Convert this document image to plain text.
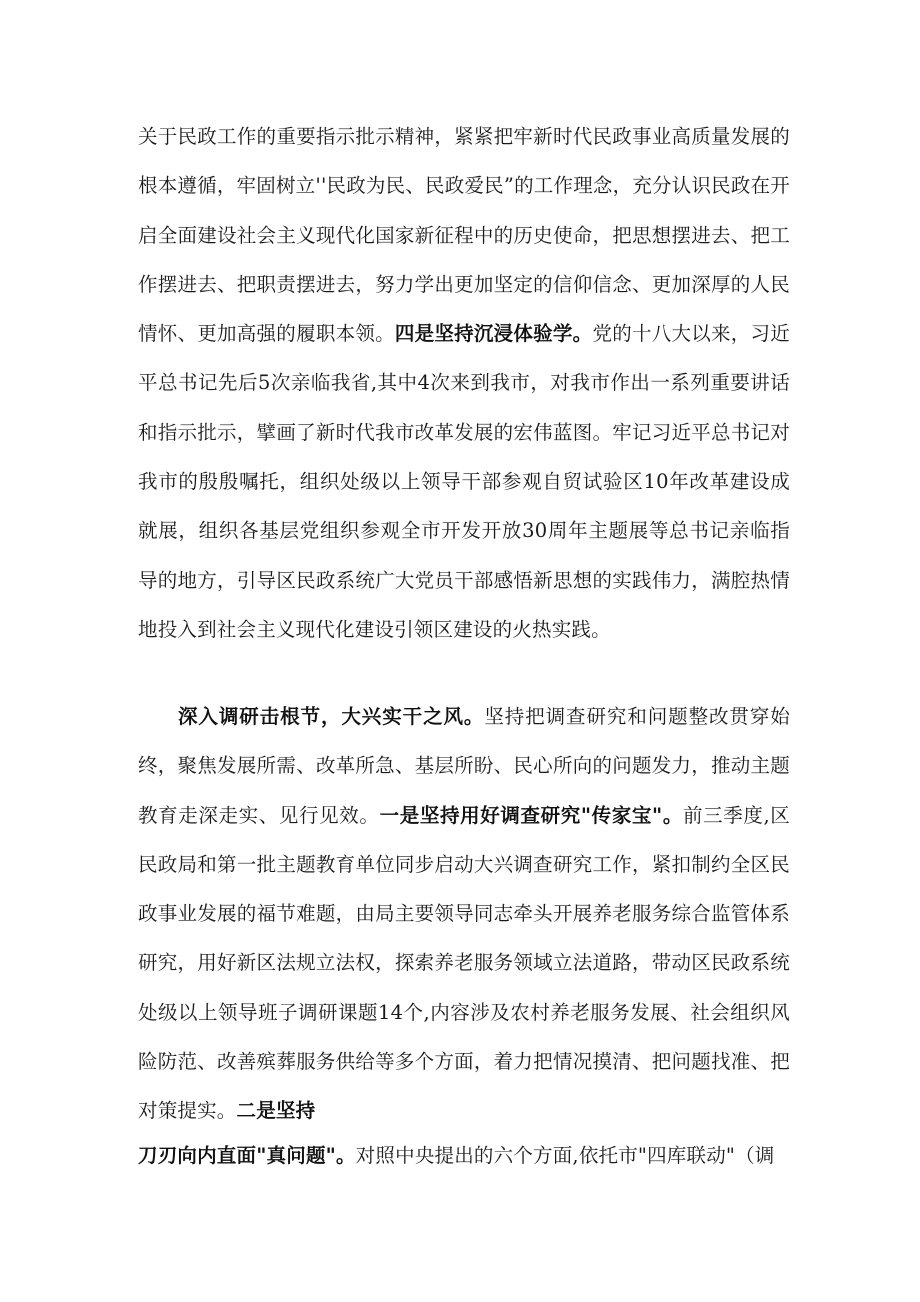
关于民政工作的重要指示批示精神，紧紧把牢新时代民政事业高质量发展的根本遵循，牢固树立''民政为民、民政爱民”的工作理念，充分认识民政在开启全面建设社会主义现代化国家新征程中的历史使命，把思想摆进去、把工作摆进去、把职责摆进去，努力学出更加坚定的信仰信念、更加深厚的人民情怀、更加高强的履职本领。四是坚持沉浸体验学。党的十八大以来，习近平总书记先后5次亲临我省,其中4次来到我市，对我市作出一系列重要讲话和指示批示，擘画了新时代我市改革发展的宏伟蓝图。牢记习近平总书记对我市的殷殷嘱托，组织处级以上领导干部参观自贸试验区10年改革建设成就展，组织各基层党组织参观全市开发开放30周年主题展等总书记亲临指导的地方，引导区民政系统广大党员干部感悟新思想的实践伟力，满腔热情地投入到社会主义现代化建设引领区建设的火热实践。

深入调研击根节，大兴实干之风。坚持把调查研究和问题整改贯穿始终，聚焦发展所需、改革所急、基层所盼、民心所向的问题发力，推动主题教育走深走实、见行见效。一是坚持用好调查研究"传家宝"。前三季度,区民政局和第一批主题教育单位同步启动大兴调查研究工作，紧扣制约全区民政事业发展的福节难题，由局主要领导同志牵头开展养老服务综合监管体系研究，用好新区法规立法权，探索养老服务领域立法道路，带动区民政系统处级以上领导班子调研课题14个,内容涉及农村养老服务发展、社会组织风险防范、改善殡葬服务供给等多个方面，着力把情况摸清、把问题找准、把对策提实。二是坚持

刀刃向内直面"真问题"。对照中央提出的六个方面,依托市"四库联动"（调
